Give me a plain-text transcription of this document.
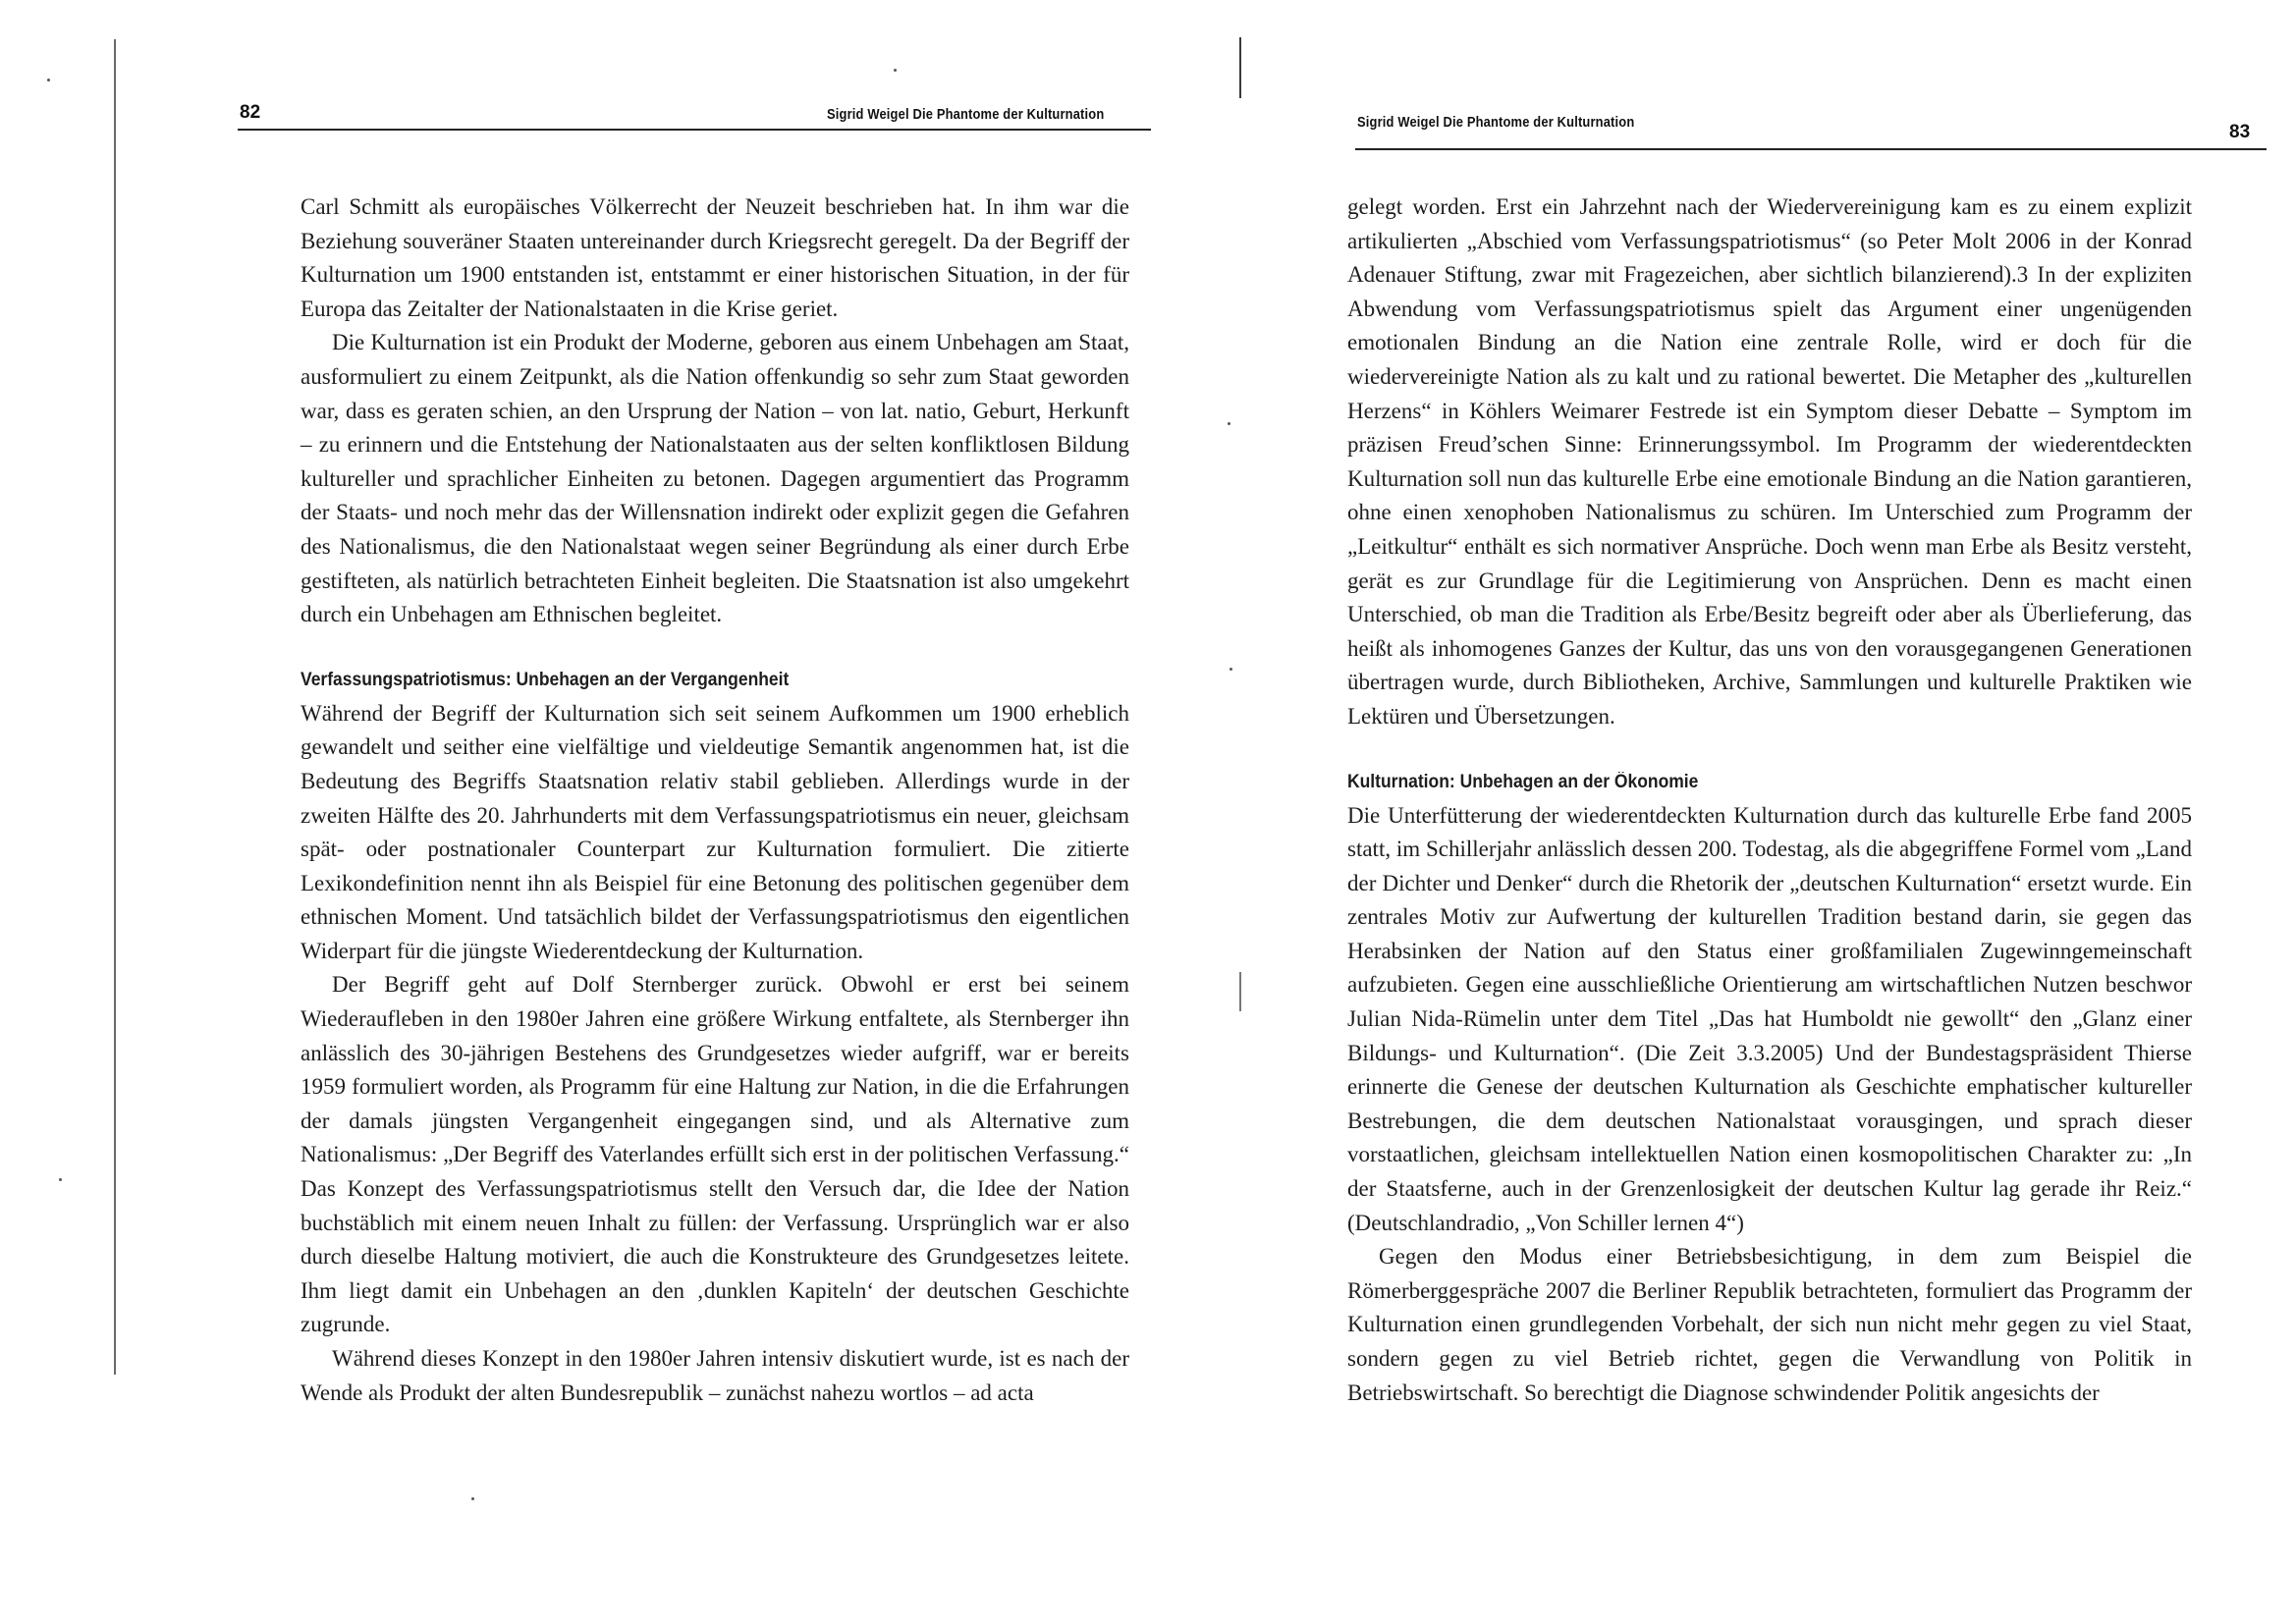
82	Sigrid Weigel Die Phantome der Kulturnation

Carl Schmitt als europäisches Völkerrecht der Neuzeit beschrieben hat. In ihm war die Beziehung souveräner Staaten untereinander durch Kriegsrecht geregelt. Da der Begriff der Kulturnation um 1900 entstanden ist, entstammt er einer historischen Situation, in der für Europa das Zeitalter der Nationalstaaten in die Krise geriet.

Die Kulturnation ist ein Produkt der Moderne, geboren aus einem Unbehagen am Staat, ausformuliert zu einem Zeitpunkt, als die Nation offenkundig so sehr zum Staat geworden war, dass es geraten schien, an den Ursprung der Nation – von lat. natio, Geburt, Herkunft – zu erinnern und die Entstehung der Nationalstaaten aus der selten konfliktlosen Bildung kultureller und sprachlicher Einheiten zu betonen. Dagegen argumentiert das Programm der Staats- und noch mehr das der Willensnation indirekt oder explizit gegen die Gefahren des Nationalismus, die den Nationalstaat wegen seiner Begründung als einer durch Erbe gestifteten, als natürlich betrachteten Einheit begleiten. Die Staatsnation ist also umgekehrt durch ein Unbehagen am Ethnischen begleitet.

Verfassungspatriotismus: Unbehagen an der Vergangenheit

Während der Begriff der Kulturnation sich seit seinem Aufkommen um 1900 erheblich gewandelt und seither eine vielfältige und vieldeutige Semantik angenommen hat, ist die Bedeutung des Begriffs Staatsnation relativ stabil geblieben. Allerdings wurde in der zweiten Hälfte des 20. Jahrhunderts mit dem Verfassungspatriotismus ein neuer, gleichsam spät- oder postnationaler Counterpart zur Kulturnation formuliert. Die zitierte Lexikondefinition nennt ihn als Beispiel für eine Betonung des politischen gegenüber dem ethnischen Moment. Und tatsächlich bildet der Verfassungspatriotismus den eigentlichen Widerpart für die jüngste Wiederentdeckung der Kulturnation.

Der Begriff geht auf Dolf Sternberger zurück. Obwohl er erst bei seinem Wiederaufleben in den 1980er Jahren eine größere Wirkung entfaltete, als Sternberger ihn anlässlich des 30-jährigen Bestehens des Grundgesetzes wieder aufgriff, war er bereits 1959 formuliert worden, als Programm für eine Haltung zur Nation, in die die Erfahrungen der damals jüngsten Vergangenheit eingegangen sind, und als Alternative zum Nationalismus: „Der Begriff des Vaterlandes erfüllt sich erst in der politischen Verfassung.“ Das Konzept des Verfassungspatriotismus stellt den Versuch dar, die Idee der Nation buchstäblich mit einem neuen Inhalt zu füllen: der Verfassung. Ursprünglich war er also durch dieselbe Haltung motiviert, die auch die Konstrukteure des Grundgesetzes leitete. Ihm liegt damit ein Unbehagen an den ‚dunklen Kapiteln‘ der deutschen Geschichte zugrunde.

Während dieses Konzept in den 1980er Jahren intensiv diskutiert wurde, ist es nach der Wende als Produkt der alten Bundesrepublik – zunächst nahezu wortlos – ad acta

Sigrid Weigel Die Phantome der Kulturnation	83

gelegt worden. Erst ein Jahrzehnt nach der Wiedervereinigung kam es zu einem explizit artikulierten „Abschied vom Verfassungspatriotismus“ (so Peter Molt 2006 in der Konrad Adenauer Stiftung, zwar mit Fragezeichen, aber sichtlich bilanzierend).3 In der expliziten Abwendung vom Verfassungspatriotismus spielt das Argument einer ungenügenden emotionalen Bindung an die Nation eine zentrale Rolle, wird er doch für die wiedervereinigte Nation als zu kalt und zu rational bewertet. Die Metapher des „kulturellen Herzens“ in Köhlers Weimarer Festrede ist ein Symptom dieser Debatte – Symptom im präzisen Freud’schen Sinne: Erinnerungssymbol. Im Programm der wiederentdeckten Kulturnation soll nun das kulturelle Erbe eine emotionale Bindung an die Nation garantieren, ohne einen xenophoben Nationalismus zu schüren. Im Unterschied zum Programm der „Leitkultur“ enthält es sich normativer Ansprüche. Doch wenn man Erbe als Besitz versteht, gerät es zur Grundlage für die Legitimierung von Ansprüchen. Denn es macht einen Unterschied, ob man die Tradition als Erbe/Besitz begreift oder aber als Überlieferung, das heißt als inhomogenes Ganzes der Kultur, das uns von den vorausgegangenen Generationen übertragen wurde, durch Bibliotheken, Archive, Sammlungen und kulturelle Praktiken wie Lektüren und Übersetzungen.

Kulturnation: Unbehagen an der Ökonomie

Die Unterfütterung der wiederentdeckten Kulturnation durch das kulturelle Erbe fand 2005 statt, im Schillerjahr anlässlich dessen 200. Todestag, als die abgegriffene Formel vom „Land der Dichter und Denker“ durch die Rhetorik der „deutschen Kulturnation“ ersetzt wurde. Ein zentrales Motiv zur Aufwertung der kulturellen Tradition bestand darin, sie gegen das Herabsinken der Nation auf den Status einer großfamilialen Zugewinngemeinschaft aufzubieten. Gegen eine ausschließliche Orientierung am wirtschaftlichen Nutzen beschwor Julian Nida-Rümelin unter dem Titel „Das hat Humboldt nie gewollt“ den „Glanz einer Bildungs- und Kulturnation“. (Die Zeit 3.3.2005) Und der Bundestagspräsident Thierse erinnerte die Genese der deutschen Kulturnation als Geschichte emphatischer kultureller Bestrebungen, die dem deutschen Nationalstaat vorausgingen, und sprach dieser vorstaatlichen, gleichsam intellektuellen Nation einen kosmopolitischen Charakter zu: „In der Staatsferne, auch in der Grenzenlosigkeit der deutschen Kultur lag gerade ihr Reiz.“ (Deutschlandradio, „Von Schiller lernen 4“)

Gegen den Modus einer Betriebsbesichtigung, in dem zum Beispiel die Römerberggespräche 2007 die Berliner Republik betrachteten, formuliert das Programm der Kulturnation einen grundlegenden Vorbehalt, der sich nun nicht mehr gegen zu viel Staat, sondern gegen zu viel Betrieb richtet, gegen die Verwandlung von Politik in Betriebswirtschaft. So berechtigt die Diagnose schwindender Politik angesichts der
